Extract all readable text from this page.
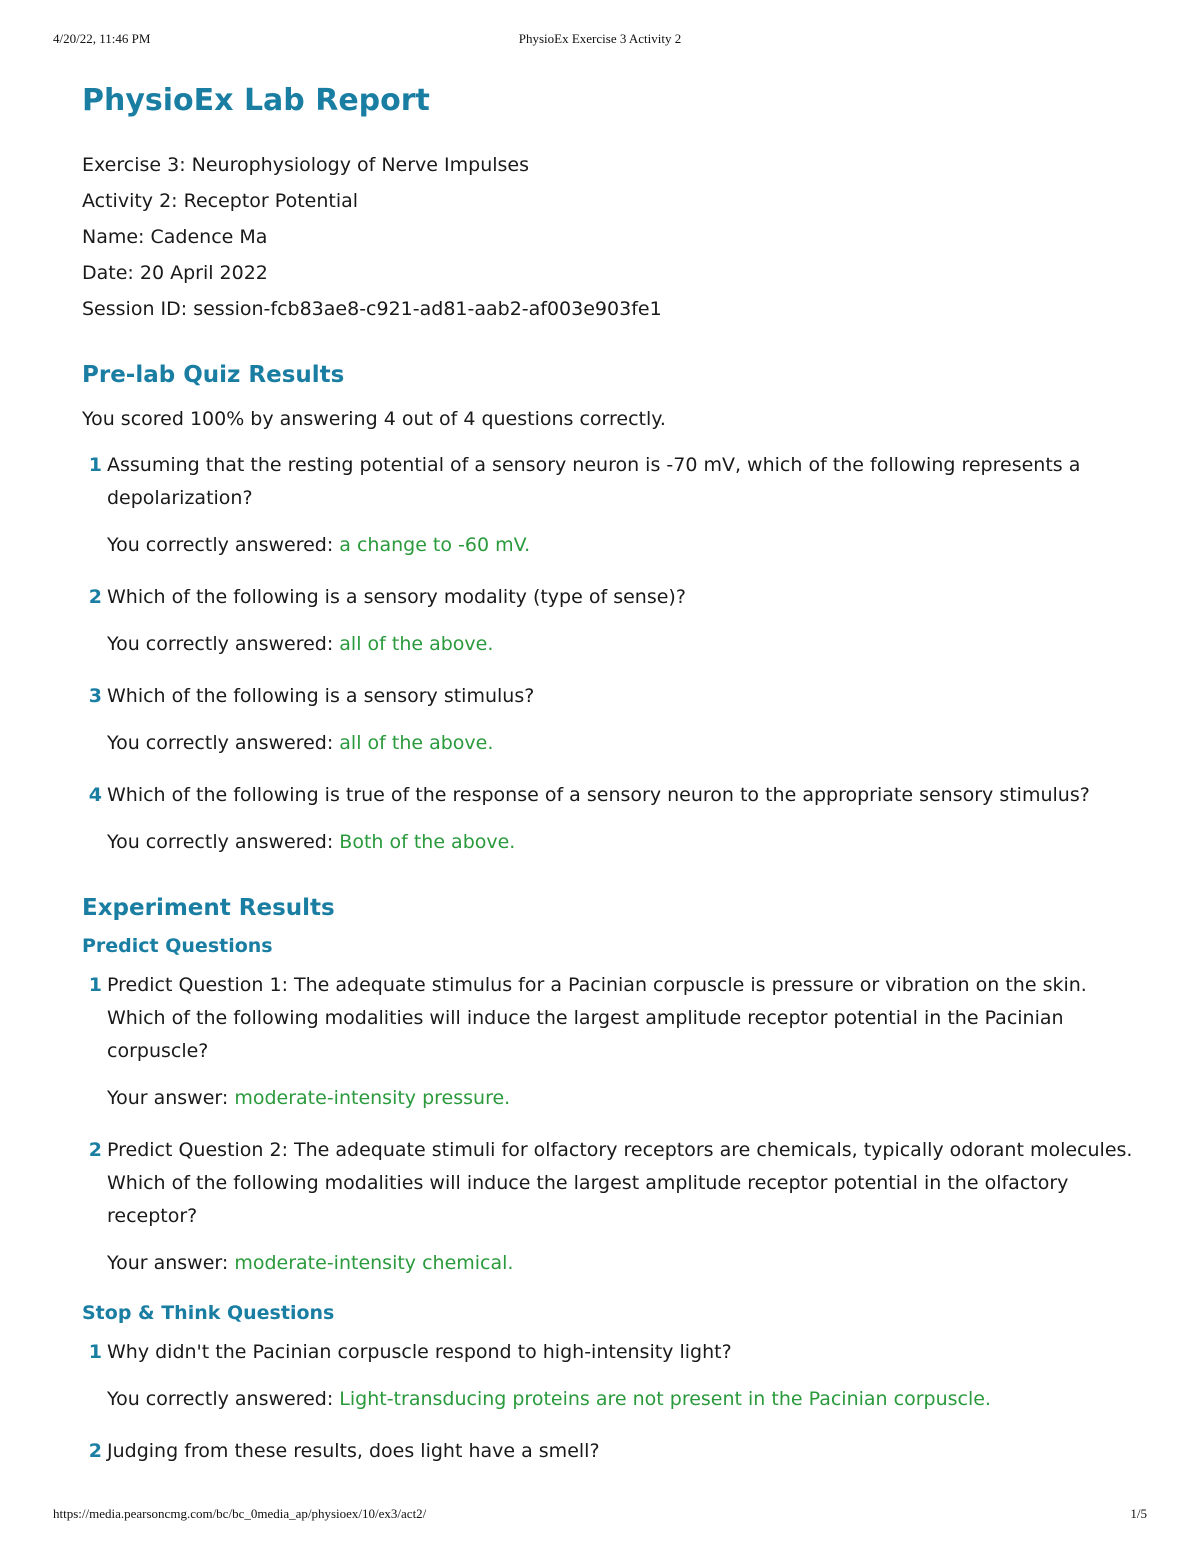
4/20/22, 11:46 PM	PhysioEx Exercise 3 Activity 2
PhysioEx Lab Report
Exercise 3: Neurophysiology of Nerve Impulses
Activity 2: Receptor Potential
Name: Cadence Ma
Date: 20 April 2022
Session ID: session-fcb83ae8-c921-ad81-aab2-af003e903fe1
Pre-lab Quiz Results
You scored 100% by answering 4 out of 4 questions correctly.
1 Assuming that the resting potential of a sensory neuron is -70 mV, which of the following represents a depolarization?
You correctly answered: a change to -60 mV.
2 Which of the following is a sensory modality (type of sense)?
You correctly answered: all of the above.
3 Which of the following is a sensory stimulus?
You correctly answered: all of the above.
4 Which of the following is true of the response of a sensory neuron to the appropriate sensory stimulus?
You correctly answered: Both of the above.
Experiment Results
Predict Questions
1 Predict Question 1: The adequate stimulus for a Pacinian corpuscle is pressure or vibration on the skin. Which of the following modalities will induce the largest amplitude receptor potential in the Pacinian corpuscle?
Your answer: moderate-intensity pressure.
2 Predict Question 2: The adequate stimuli for olfactory receptors are chemicals, typically odorant molecules. Which of the following modalities will induce the largest amplitude receptor potential in the olfactory receptor?
Your answer: moderate-intensity chemical.
Stop & Think Questions
1 Why didn't the Pacinian corpuscle respond to high-intensity light?
You correctly answered: Light-transducing proteins are not present in the Pacinian corpuscle.
2 Judging from these results, does light have a smell?
https://media.pearsoncmg.com/bc/bc_0media_ap/physioex/10/ex3/act2/	1/5
